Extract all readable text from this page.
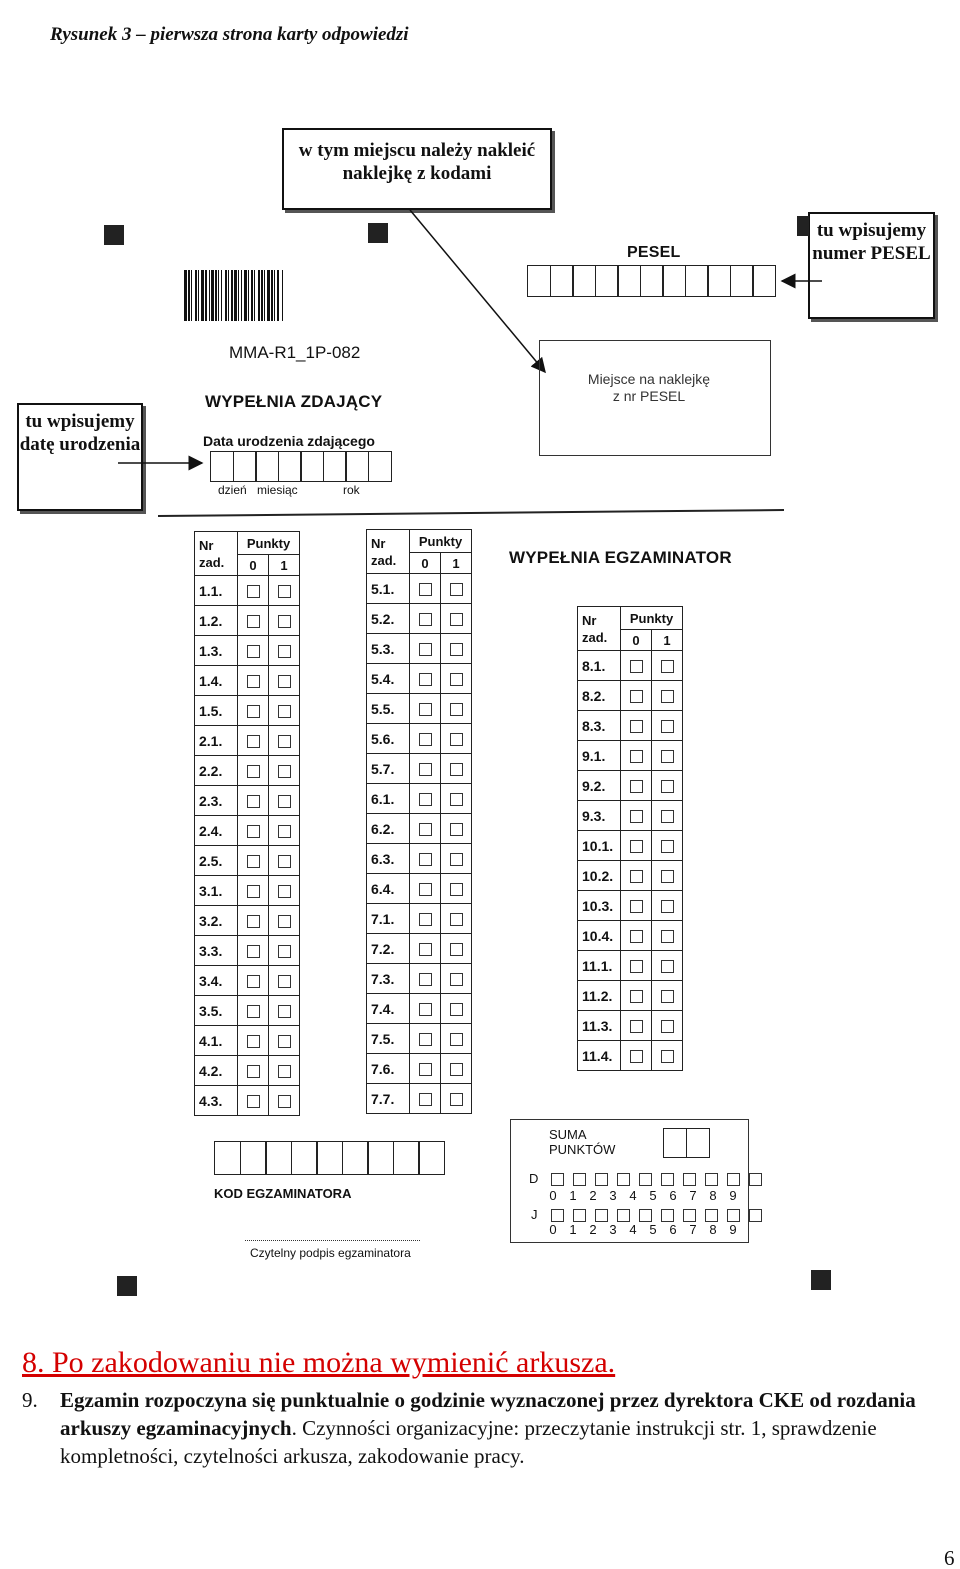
Rysunek 3 – pierwsza strona karty odpowiedzi
w tym miejscu należy nakleić naklejkę z kodami
tu wpisujemy numer PESEL
tu wpisujemy datę urodzenia
MMA-R1_1P-082
PESEL
Miejsce na naklejkę z nr PESEL
WYPEŁNIA ZDAJĄCY
Data urodzenia zdającego
dzień miesiąc	rok
WYPEŁNIA EGZAMINATOR
Nr zad.	Punkty	
	0	1
1.1.		
1.2.		
1.3.		
1.4.		
1.5.		
2.1.		
2.2.		
2.3.		
2.4.		
2.5.		
3.1.		
3.2.		
3.3.		
3.4.		
3.5.		
4.1.		
4.2.		
4.3.		
Nr zad.	Punkty	
	0	1
5.1.		
5.2.		
5.3.		
5.4.		
5.5.		
5.6.		
5.7.		
6.1.		
6.2.		
6.3.		
6.4.		
7.1.		
7.2.		
7.3.		
7.4.		
7.5.		
7.6.		
7.7.		
Nr zad.	Punkty	
	0	1
8.1.		
8.2.		
8.3.		
9.1.		
9.2.		
9.3.		
10.1.		
10.2.		
10.3.		
10.4.		
11.1.		
11.2.		
11.3.		
11.4.		
KOD EGZAMINATORA
Czytelny podpis egzaminatora
SUMA PUNKTÓW
D
0 1 2 3 4 5 6 7 8 9
J
0 1 2 3 4 5 6 7 8 9
8. Po zakodowaniu nie można wymienić arkusza.
9.	Egzamin rozpoczyna się punktualnie o godzinie wyznaczonej przez dyrektora CKE od rozdania arkuszy egzaminacyjnych. Czynności organizacyjne: przeczytanie instrukcji str. 1, sprawdzenie kompletności, czytelności arkusza, zakodowanie pracy.
6
